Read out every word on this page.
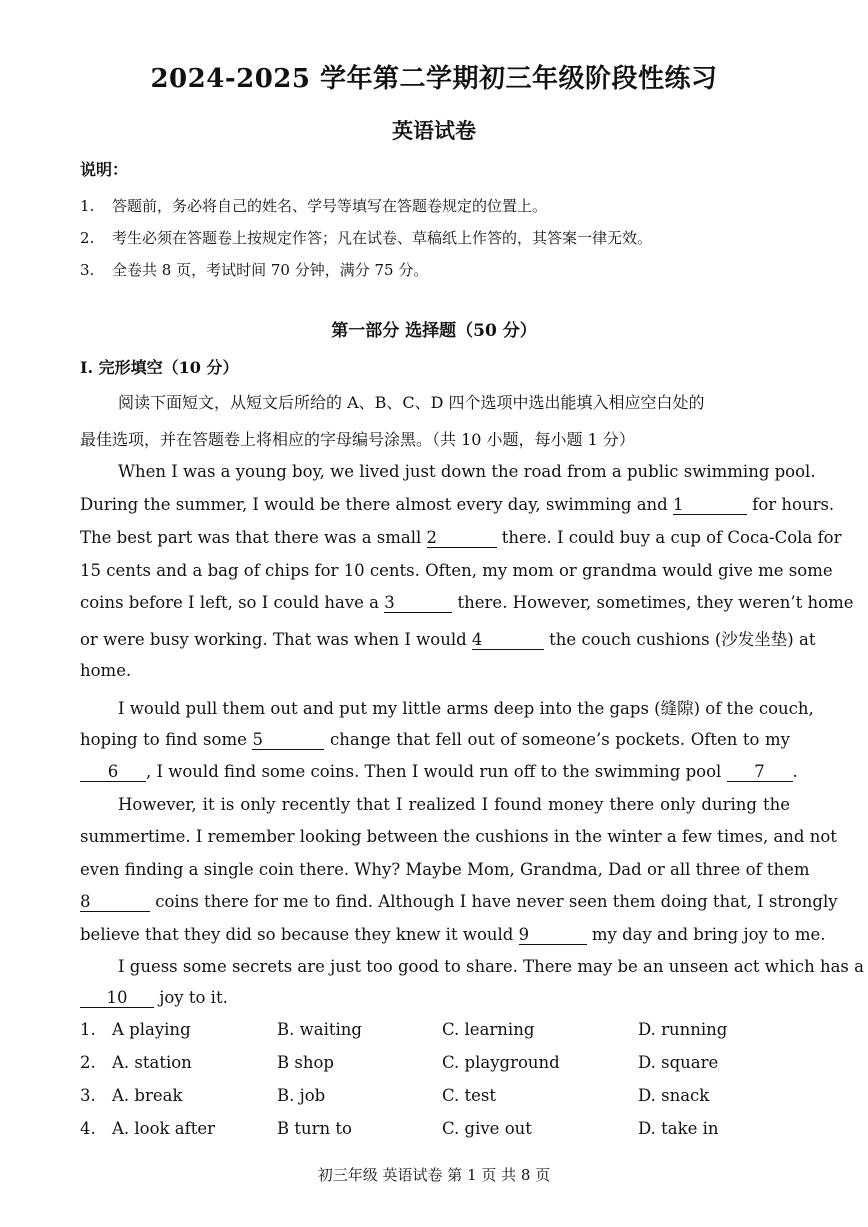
2024-2025 学年第二学期初三年级阶段性练习
英语试卷
说明：
1. 答题前，务必将自己的姓名、学号等填写在答题卷规定的位置上。
2. 考生必须在答题卷上按规定作答；凡在试卷、草稿纸上作答的，其答案一律无效。
3. 全卷共 8 页，考试时间 70 分钟，满分 75 分。
第一部分 选择题（50 分）
I. 完形填空（10 分）
阅读下面短文，从短文后所给的 A、B、C、D 四个选项中选出能填入相应空白处的
最佳选项，并在答题卷上将相应的字母编号涂黑。（共 10 小题，每小题 1 分）
When I was a young boy, we lived just down the road from a public swimming pool.
During the summer, I would be there almost every day, swimming and 1	for hours.
The best part was that there was a small 2	there. I could buy a cup of Coca-Cola for
15 cents and a bag of chips for 10 cents. Often, my mom or grandma would give me some
coins before I left, so I could have a 3	there. However, sometimes, they weren’t home
or were busy working. That was when I would 4	the couch cushions (沙发坐垫) at
home.
I would pull them out and put my little arms deep into the gaps (缝隙) of the couch,
hoping to find some 5	change that fell out of someone’s pockets. Often to my
6 , I would find some coins. Then I would run off to the swimming pool 7 .
However, it is only recently that I realized I found money there only during the
summertime. I remember looking between the cushions in the winter a few times, and not
even finding a single coin there. Why? Maybe Mom, Grandma, Dad or all three of them
8	coins there for me to find. Although I have never seen them doing that, I strongly
believe that they did so because they knew it would 9	my day and bring joy to me.
I guess some secrets are just too good to share. There may be an unseen act which has a
10 joy to it.
1. A playing	B. waiting	C. learning	D. running
2. A. station	B shop	C. playground	D. square
3. A. break	B. job	C. test	D. snack
4. A. look after	B turn to	C. give out	D. take in
初三年级 英语试卷 第 1 页 共 8 页
